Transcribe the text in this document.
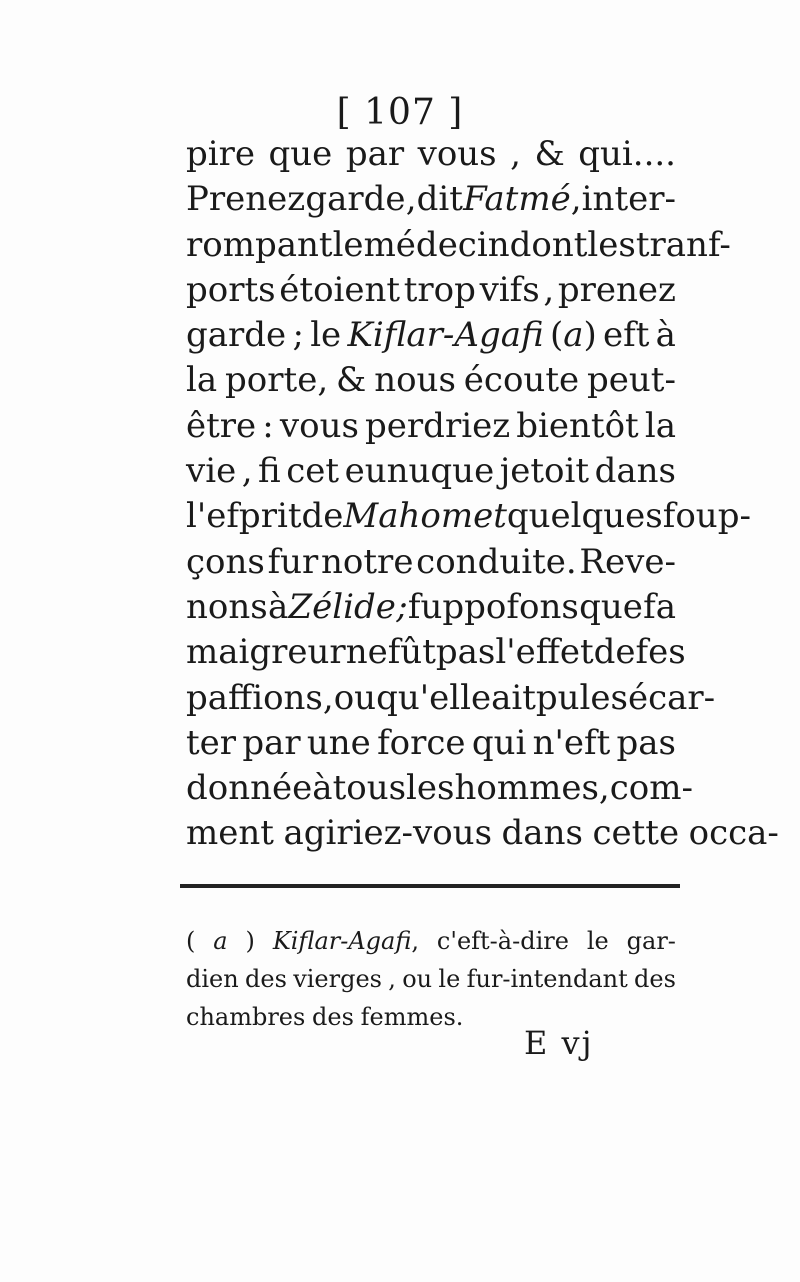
[ 107 ]
pire que par vous , & qui....
Prenez garde , dit Fatmé, inter-
rompant le médecin dont les tranf-
ports étoient trop vifs , prenez
garde ; le Kiflar-Agafi (a) eft à
la porte, & nous écoute peut-
être : vous perdriez bientôt la
vie , fi cet eunuque jetoit dans
l'efprit de Mahomet quelques foup-
çons fur notre conduite. Reve-
nons à Zélide ; fuppofons que fa
maigreur ne fût pas l'effet de fes
paffions, ou qu'elle ait pu les écar-
ter par une force qui n'eft pas
donnée à tous les hommes, com-
ment agiriez-vous dans cette occa-
( a ) Kiflar-Agafi, c'eft-à-dire le gar-
dien des vierges , ou le fur-intendant des
chambres des femmes.
E vj
